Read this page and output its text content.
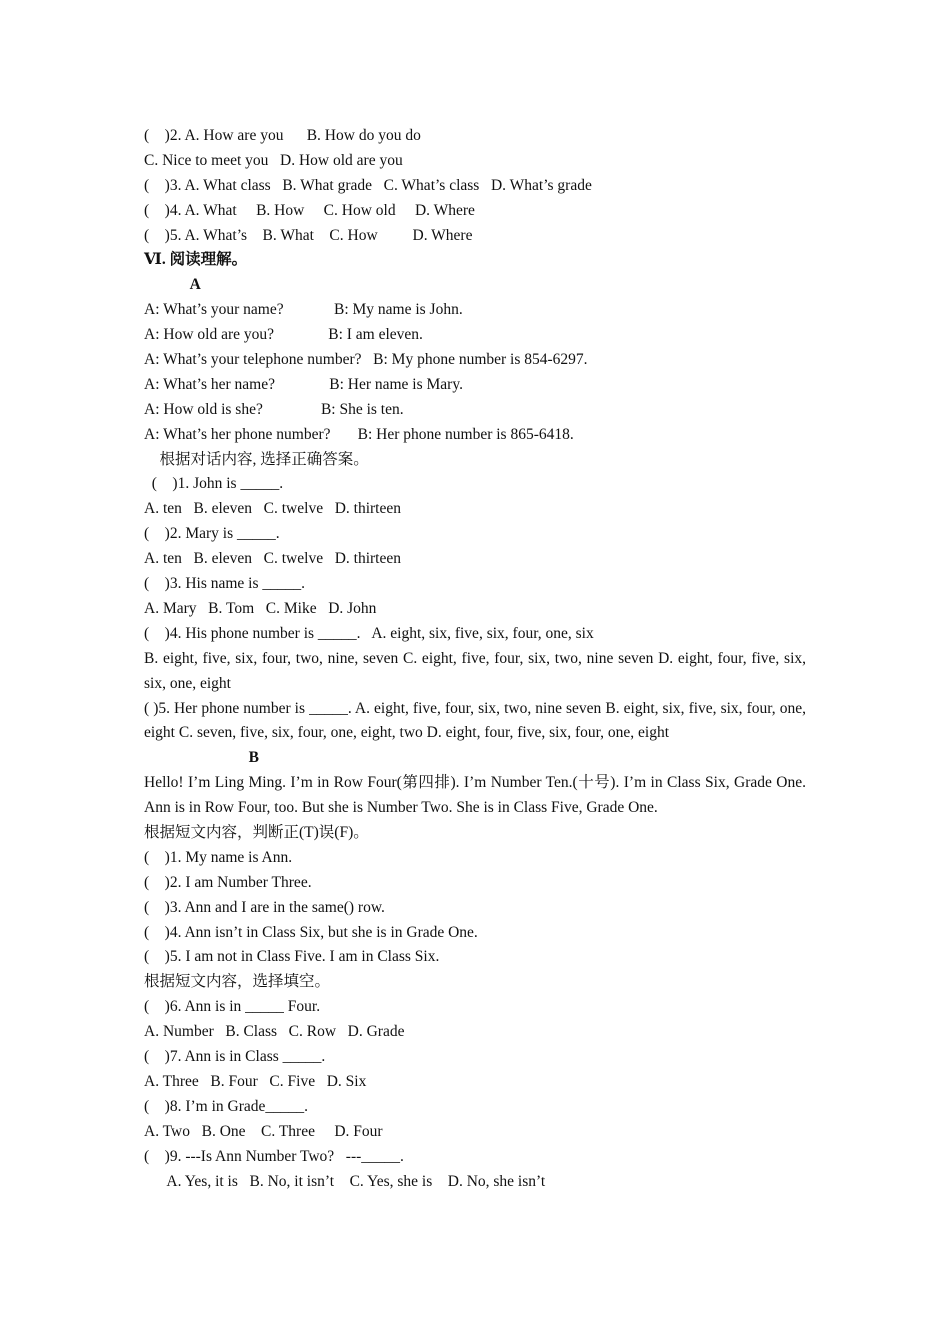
(    )2. A. How are you      B. How do you do
C. Nice to meet you   D. How old are you
(    )3. A. What class   B. What grade   C. What’s class   D. What’s grade
(    )4. A. What     B. How     C. How old     D. Where
(    )5. A. What’s    B. What    C. How         D. Where
Ⅵ. 阅读理解。
A
A: What’s your name?             B: My name is John.
A: How old are you?              B: I am eleven.
A: What’s your telephone number?   B: My phone number is 854-6297.
A: What’s her name?              B: Her name is Mary.
A: How old is she?               B: She is ten.
A: What’s her phone number?       B: Her phone number is 865-6418.
根据对话内容, 选择正确答案。
(    )1. John is _____.
A. ten   B. eleven   C. twelve   D. thirteen
(    )2. Mary is _____.
A. ten   B. eleven   C. twelve   D. thirteen
(    )3. His name is _____.
A. Mary   B. Tom   C. Mike   D. John
(    )4. His phone number is _____.   A. eight, six, five, six, four, one, six
B. eight, five, six, four, two, nine, seven C. eight, five, four, six, two, nine seven D. eight, four, five, six, six, one, eight
( )5. Her phone number is _____. A. eight, five, four, six, two, nine seven B. eight, six, five, six, four, one, eight C. seven, five, six, four, one, eight, two D. eight, four, five, six, four, one, eight
B
Hello! I’m Ling Ming. I’m in Row Four(第四排). I’m Number Ten.(十号). I’m in Class Six, Grade One. Ann is in Row Four, too. But she is Number Two. She is in Class Five, Grade One.
根据短文内容，判断正(T)误(F)。
(    )1. My name is Ann.
(    )2. I am Number Three.
(    )3. Ann and I are in the same() row.
(    )4. Ann isn’t in Class Six, but she is in Grade One.
(    )5. I am not in Class Five. I am in Class Six.
根据短文内容，选择填空。
(    )6. Ann is in _____ Four.
A. Number   B. Class   C. Row   D. Grade
(    )7. Ann is in Class _____.
A. Three   B. Four   C. Five   D. Six
(    )8. I’m in Grade_____.
A. Two   B. One    C. Three     D. Four
(    )9. ---Is Ann Number Two?   ---_____.
A. Yes, it is   B. No, it isn’t    C. Yes, she is    D. No, she isn’t
